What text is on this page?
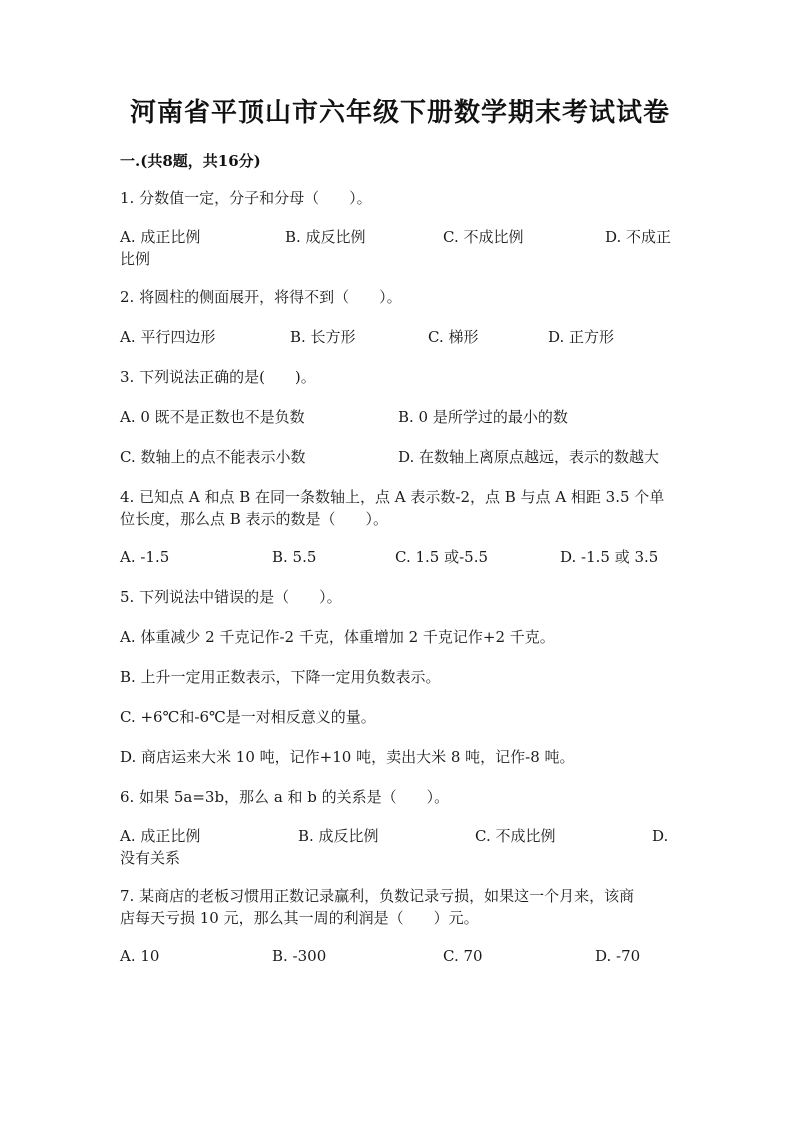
河南省平顶山市六年级下册数学期末考试试卷
一.(共8题，共16分)
1. 分数值一定，分子和分母（　　）。
A. 成正比例	B. 成反比例	C. 不成比例	D. 不成正
比例
2. 将圆柱的侧面展开，将得不到（　　）。
A. 平行四边形	B. 长方形	C. 梯形	D. 正方形
3. 下列说法正确的是(　　)。
A. 0 既不是正数也不是负数	B. 0 是所学过的最小的数
C. 数轴上的点不能表示小数	D. 在数轴上离原点越远，表示的数越大
4. 已知点 A 和点 B 在同一条数轴上，点 A 表示数-2，点 B 与点 A 相距 3.5 个单
位长度，那么点 B 表示的数是（　　）。
A. -1.5	B. 5.5	C. 1.5 或-5.5	D. -1.5 或 3.5
5. 下列说法中错误的是（　　）。
A. 体重减少 2 千克记作-2 千克，体重增加 2 千克记作+2 千克。
B. 上升一定用正数表示，下降一定用负数表示。
C. +6℃和-6℃是一对相反意义的量。
D. 商店运来大米 10 吨，记作+10 吨，卖出大米 8 吨，记作-8 吨。
6. 如果 5a=3b，那么 a 和 b 的关系是（　　）。
A. 成正比例	B. 成反比例	C. 不成比例	D.
没有关系
7. 某商店的老板习惯用正数记录赢利，负数记录亏损，如果这一个月来，该商
店每天亏损 10 元，那么其一周的利润是（　　）元。
A. 10	B. -300	C. 70	D. -70
